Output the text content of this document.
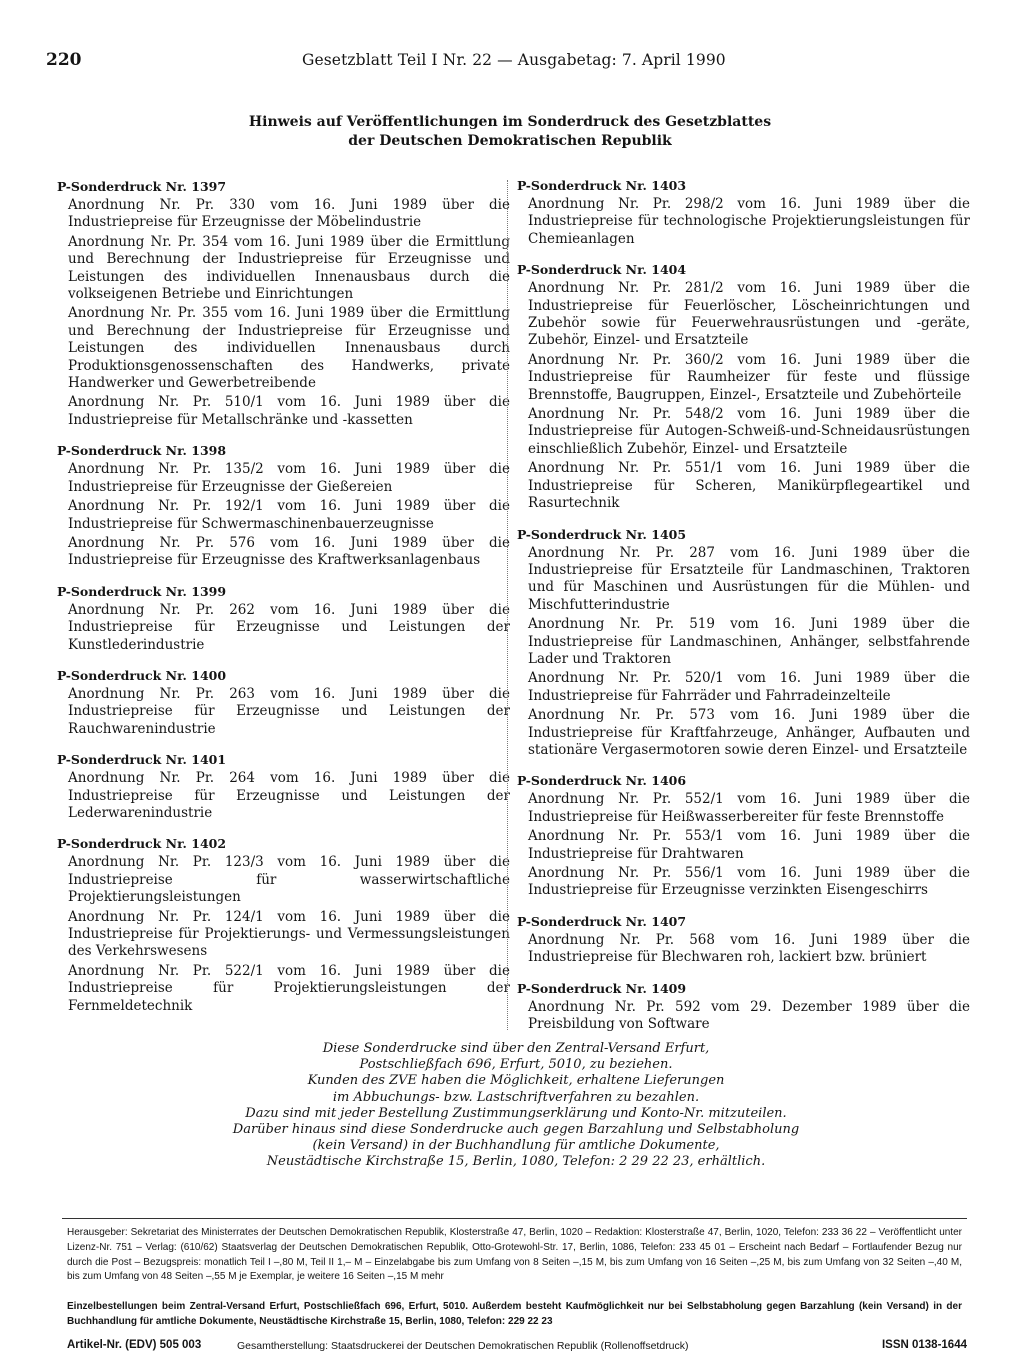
220	Gesetzblatt Teil I Nr. 22 — Ausgabetag: 7. April 1990
Hinweis auf Veröffentlichungen im Sonderdruck des Gesetzblattes
der Deutschen Demokratischen Republik
P-Sonderdruck Nr. 1397
Anordnung Nr. Pr. 330 vom 16. Juni 1989 über die Industriepreise für Erzeugnisse der Möbelindustrie
Anordnung Nr. Pr. 354 vom 16. Juni 1989 über die Ermittlung und Berechnung der Industriepreise für Erzeugnisse und Leistungen des individuellen Innenausbaus durch die volkseigenen Betriebe und Einrichtungen
Anordnung Nr. Pr. 355 vom 16. Juni 1989 über die Ermittlung und Berechnung der Industriepreise für Erzeugnisse und Leistungen des individuellen Innenausbaus durch Produktionsgenossenschaften des Handwerks, private Handwerker und Gewerbetreibende
Anordnung Nr. Pr. 510/1 vom 16. Juni 1989 über die Industriepreise für Metallschränke und -kassetten
P-Sonderdruck Nr. 1398
Anordnung Nr. Pr. 135/2 vom 16. Juni 1989 über die Industriepreise für Erzeugnisse der Gießereien
Anordnung Nr. Pr. 192/1 vom 16. Juni 1989 über die Industriepreise für Schwermaschinenbauerzeugnisse
Anordnung Nr. Pr. 576 vom 16. Juni 1989 über die Industriepreise für Erzeugnisse des Kraftwerksanlagenbaus
P-Sonderdruck Nr. 1399
Anordnung Nr. Pr. 262 vom 16. Juni 1989 über die Industriepreise für Erzeugnisse und Leistungen der Kunstlederindustrie
P-Sonderdruck Nr. 1400
Anordnung Nr. Pr. 263 vom 16. Juni 1989 über die Industriepreise für Erzeugnisse und Leistungen der Rauchwarenindustrie
P-Sonderdruck Nr. 1401
Anordnung Nr. Pr. 264 vom 16. Juni 1989 über die Industriepreise für Erzeugnisse und Leistungen der Lederwarenindustrie
P-Sonderdruck Nr. 1402
Anordnung Nr. Pr. 123/3 vom 16. Juni 1989 über die Industriepreise für wasserwirtschaftliche Projektierungsleistungen
Anordnung Nr. Pr. 124/1 vom 16. Juni 1989 über die Industriepreise für Projektierungs- und Vermessungsleistungen des Verkehrswesens
Anordnung Nr. Pr. 522/1 vom 16. Juni 1989 über die Industriepreise für Projektierungsleistungen der Fernmeldetechnik
P-Sonderdruck Nr. 1403
Anordnung Nr. Pr. 298/2 vom 16. Juni 1989 über die Industriepreise für technologische Projektierungsleistungen für Chemieanlagen
P-Sonderdruck Nr. 1404
Anordnung Nr. Pr. 281/2 vom 16. Juni 1989 über die Industriepreise für Feuerlöscher, Löscheinrichtungen und Zubehör sowie für Feuerwehrausrüstungen und -geräte, Zubehör, Einzel- und Ersatzteile
Anordnung Nr. Pr. 360/2 vom 16. Juni 1989 über die Industriepreise für Raumheizer für feste und flüssige Brennstoffe, Baugruppen, Einzel-, Ersatzteile und Zubehörteile
Anordnung Nr. Pr. 548/2 vom 16. Juni 1989 über die Industriepreise für Autogen-Schweiß-und-Schneidausrüstungen einschließlich Zubehör, Einzel- und Ersatzteile
Anordnung Nr. Pr. 551/1 vom 16. Juni 1989 über die Industriepreise für Scheren, Manikürpflegeartikel und Rasurtechnik
P-Sonderdruck Nr. 1405
Anordnung Nr. Pr. 287 vom 16. Juni 1989 über die Industriepreise für Ersatzteile für Landmaschinen, Traktoren und für Maschinen und Ausrüstungen für die Mühlen- und Mischfutterindustrie
Anordnung Nr. Pr. 519 vom 16. Juni 1989 über die Industriepreise für Landmaschinen, Anhänger, selbstfahrende Lader und Traktoren
Anordnung Nr. Pr. 520/1 vom 16. Juni 1989 über die Industriepreise für Fahrräder und Fahrradeinzelteile
Anordnung Nr. Pr. 573 vom 16. Juni 1989 über die Industriepreise für Kraftfahrzeuge, Anhänger, Aufbauten und stationäre Vergasermotoren sowie deren Einzel- und Ersatzteile
P-Sonderdruck Nr. 1406
Anordnung Nr. Pr. 552/1 vom 16. Juni 1989 über die Industriepreise für Heißwasserbereiter für feste Brennstoffe
Anordnung Nr. Pr. 553/1 vom 16. Juni 1989 über die Industriepreise für Drahtwaren
Anordnung Nr. Pr. 556/1 vom 16. Juni 1989 über die Industriepreise für Erzeugnisse verzinkten Eisengeschirrs
P-Sonderdruck Nr. 1407
Anordnung Nr. Pr. 568 vom 16. Juni 1989 über die Industriepreise für Blechwaren roh, lackiert bzw. brüniert
P-Sonderdruck Nr. 1409
Anordnung Nr. Pr. 592 vom 29. Dezember 1989 über die Preisbildung von Software
Diese Sonderdrucke sind über den Zentral-Versand Erfurt,
Postschließfach 696, Erfurt, 5010, zu beziehen.
Kunden des ZVE haben die Möglichkeit, erhaltene Lieferungen
im Abbuchungs- bzw. Lastschriftverfahren zu bezahlen.
Dazu sind mit jeder Bestellung Zustimmungserklärung und Konto-Nr. mitzuteilen.
Darüber hinaus sind diese Sonderdrucke auch gegen Barzahlung und Selbstabholung
(kein Versand) in der Buchhandlung für amtliche Dokumente,
Neustädtische Kirchstraße 15, Berlin, 1080, Telefon: 2 29 22 23, erhältlich.
Herausgeber: Sekretariat des Ministerrates der Deutschen Demokratischen Republik, Klosterstraße 47, Berlin, 1020 – Redaktion: Klosterstraße 47, Berlin, 1020, Telefon: 233 36 22 – Veröffentlicht unter Lizenz-Nr. 751 – Verlag: (610/62) Staatsverlag der Deutschen Demokratischen Republik, Otto-Grotewohl-Str. 17, Berlin, 1086, Telefon: 233 45 01 – Erscheint nach Bedarf – Fortlaufender Bezug nur durch die Post – Bezugspreis: monatlich Teil I –,80 M, Teil II 1,– M – Einzelabgabe bis zum Umfang von 8 Seiten –,15 M, bis zum Umfang von 16 Seiten –,25 M, bis zum Umfang von 32 Seiten –,40 M, bis zum Umfang von 48 Seiten –,55 M je Exemplar, je weitere 16 Seiten –,15 M mehr
Einzelbestellungen beim Zentral-Versand Erfurt, Postschließfach 696, Erfurt, 5010. Außerdem besteht Kaufmöglichkeit nur bei Selbstabholung gegen Barzahlung (kein Versand) in der Buchhandlung für amtliche Dokumente, Neustädtische Kirchstraße 15, Berlin, 1080, Telefon: 229 22 23
Artikel-Nr. (EDV) 505 003	Gesamtherstellung: Staatsdruckerei der Deutschen Demokratischen Republik (Rollenoffsetdruck)	ISSN 0138-1644
